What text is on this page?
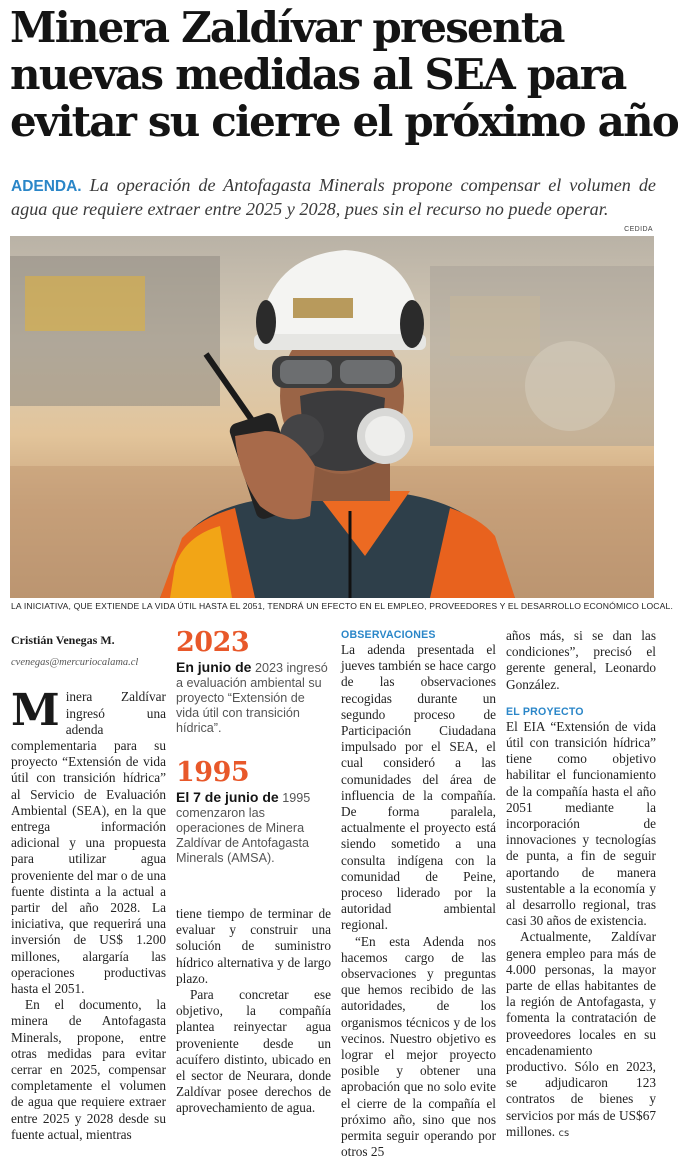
Minera Zaldívar presenta
nuevas medidas al SEA para
evitar su cierre el próximo año
ADENDA. La operación de Antofagasta Minerals propone compensar el volumen de agua que requiere extraer entre 2025 y 2028, pues sin el recurso no puede operar.
CEDIDA
LA INICIATIVA, QUE EXTIENDE LA VIDA ÚTIL HASTA EL 2051, TENDRÁ UN EFECTO EN EL EMPLEO, PROVEEDORES Y EL DESARROLLO ECONÓMICO LOCAL.
Cristián Venegas M.
cvenegas@mercuriocalama.cl

Minera Zaldívar ingresó una adenda complementaria para su proyecto “Extensión de vida útil con transición hídrica” al Servicio de Evaluación Ambiental (SEA), en la que entrega información adicional y una propuesta para utilizar agua proveniente del mar o de una fuente distinta a la actual a partir del año 2028. La iniciativa, que requerirá una inversión de US$ 1.200 millones, alargaría las operaciones productivas hasta el 2051.

En el documento, la minera de Antofagasta Minerals, propone, entre otras medidas para evitar cerrar en 2025, compensar completamente el volumen de agua que requiere extraer entre 2025 y 2028 desde su fuente actual, mientras

2023
En junio de 2023 ingresó a evaluación ambiental su proyecto “Extensión de vida útil con transición hídrica”.
1995
El 7 de junio de 1995 comenzaron las operaciones de Minera Zaldívar de Antofagasta Minerals (AMSA).

tiene tiempo de terminar de evaluar y construir una solución de suministro hídrico alternativa y de largo plazo.

Para concretar ese objetivo, la compañía plantea reinyectar agua proveniente desde un acuífero distinto, ubicado en el sector de Neurara, donde Zaldívar posee derechos de aprovechamiento de agua.

OBSERVACIONES

La adenda presentada el jueves también se hace cargo de las observaciones recogidas durante un segundo proceso de Participación Ciudadana impulsado por el SEA, el cual consideró a las comunidades del área de influencia de la compañía. De forma paralela, actualmente el proyecto está siendo sometido a una consulta indígena con la comunidad de Peine, proceso liderado por la autoridad ambiental regional.

“En esta Adenda nos hacemos cargo de las observaciones y preguntas que hemos recibido de las autoridades, de los organismos técnicos y de los vecinos. Nuestro objetivo es lograr el mejor proyecto posible y obtener una aprobación que no solo evite el cierre de la compañía el próximo año, sino que nos permita seguir operando por otros 25

años más, si se dan las condiciones”, precisó el gerente general, Leonardo González.

EL PROYECTO

El EIA “Extensión de vida útil con transición hídrica” tiene como objetivo habilitar el funcionamiento de la compañía hasta el año 2051 mediante la incorporación de innovaciones y tecnologías de punta, a fin de seguir aportando de manera sustentable a la economía y al desarrollo regional, tras casi 30 años de existencia.

Actualmente, Zaldívar genera empleo para más de 4.000 personas, la mayor parte de ellas habitantes de la región de Antofagasta, y fomenta la contratación de proveedores locales en su encadenamiento productivo. Sólo en 2023, se adjudicaron 123 contratos de bienes y servicios por más de US$67 millones. cs
